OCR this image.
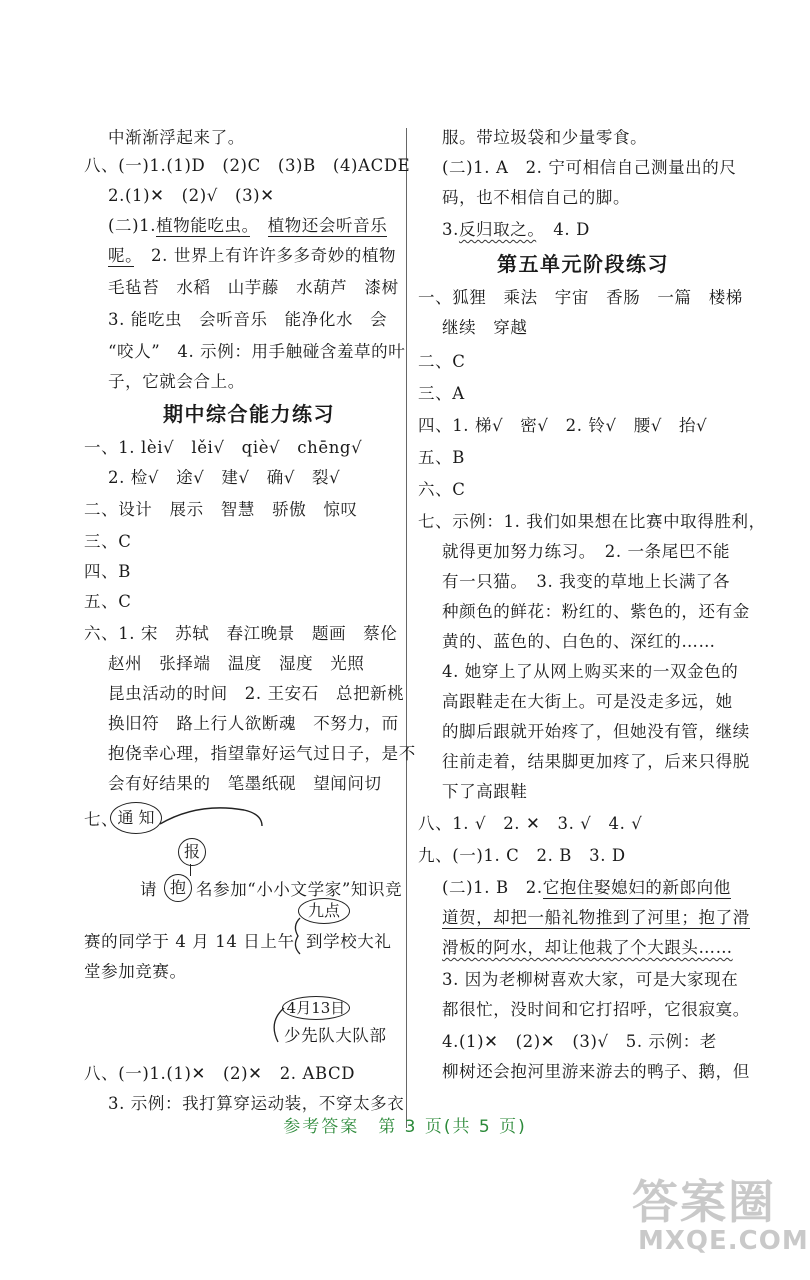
中渐渐浮起来了。
八、(一)1.(1)D　(2)C　(3)B　(4)ACDE
2.(1)✕　(2)√　(3)✕
(二)1.植物能吃虫。　 植物还会听音乐
呢。　2. 世界上有许许多多奇妙的植物
毛毡苔　水稻　山芋藤　水葫芦　漆树
3. 能吃虫　会听音乐　能净化水　会
“咬人”　4. 示例：用手触碰含羞草的叶
子，它就会合上。
期中综合能力练习
一、1. lèi√　lěi√　qiè√　chēng√
2. 检√　途√　建√　确√　裂√
二、设计　展示　智慧　骄傲　惊叹
三、C
四、B
五、C
六、1. 宋　苏轼　春江晚景　题画　蔡伦
赵州　张择端　温度　湿度　光照
昆虫活动的时间　2. 王安石　总把新桃
换旧符　路上行人欲断魂　不努力，而
抱侥幸心理，指望靠好运气过日子，是不
会有好结果的　笔墨纸砚　望闻问切
七、 通 知
报
请 抱 名参加“小小文学家”知识竞
九点
赛的同学于 4 月 14 日上午 到学校大礼
堂参加竞赛。
4月13日
少先队大队部
八、(一)1.(1)✕　(2)✕　2. ABCD
3. 示例：我打算穿运动装，不穿太多衣
服。带垃圾袋和少量零食。
(二)1. A　2. 宁可相信自己测量出的尺
码，也不相信自己的脚。
3.反归取之。　4. D
第五单元阶段练习
一、狐狸　乘法　宇宙　香肠　一篇　楼梯
继续　穿越
二、C
三、A
四、1. 梯√　密√　2. 铃√　腰√　抬√
五、B
六、C
七、示例：1. 我们如果想在比赛中取得胜利，
就得更加努力练习。　2. 一条尾巴不能
有一只猫。　3. 我变的草地上长满了各
种颜色的鲜花：粉红的、紫色的，还有金
黄的、蓝色的、白色的、深红的……
4. 她穿上了从网上购买来的一双金色的
高跟鞋走在大街上。可是没走多远，她
的脚后跟就开始疼了，但她没有管，继续
往前走着，结果脚更加疼了，后来只得脱
下了高跟鞋
八、1. √　2. ✕　3. √　4. √
九、(一)1. C　2. B　3. D
(二)1. B　2.它抱住娶媳妇的新郎向他
道贺，却把一船礼物推到了河里；抱了滑
滑板的阿水，却让他栽了个大跟头……
3. 因为老柳树喜欢大家，可是大家现在
都很忙，没时间和它打招呼，它很寂寞。
4.(1)✕　(2)✕　(3)√　5. 示例：老
柳树还会抱河里游来游去的鸭子、鹅，但
参考答案　第 3 页(共 5 页)
答案圈
MXQE.COM
